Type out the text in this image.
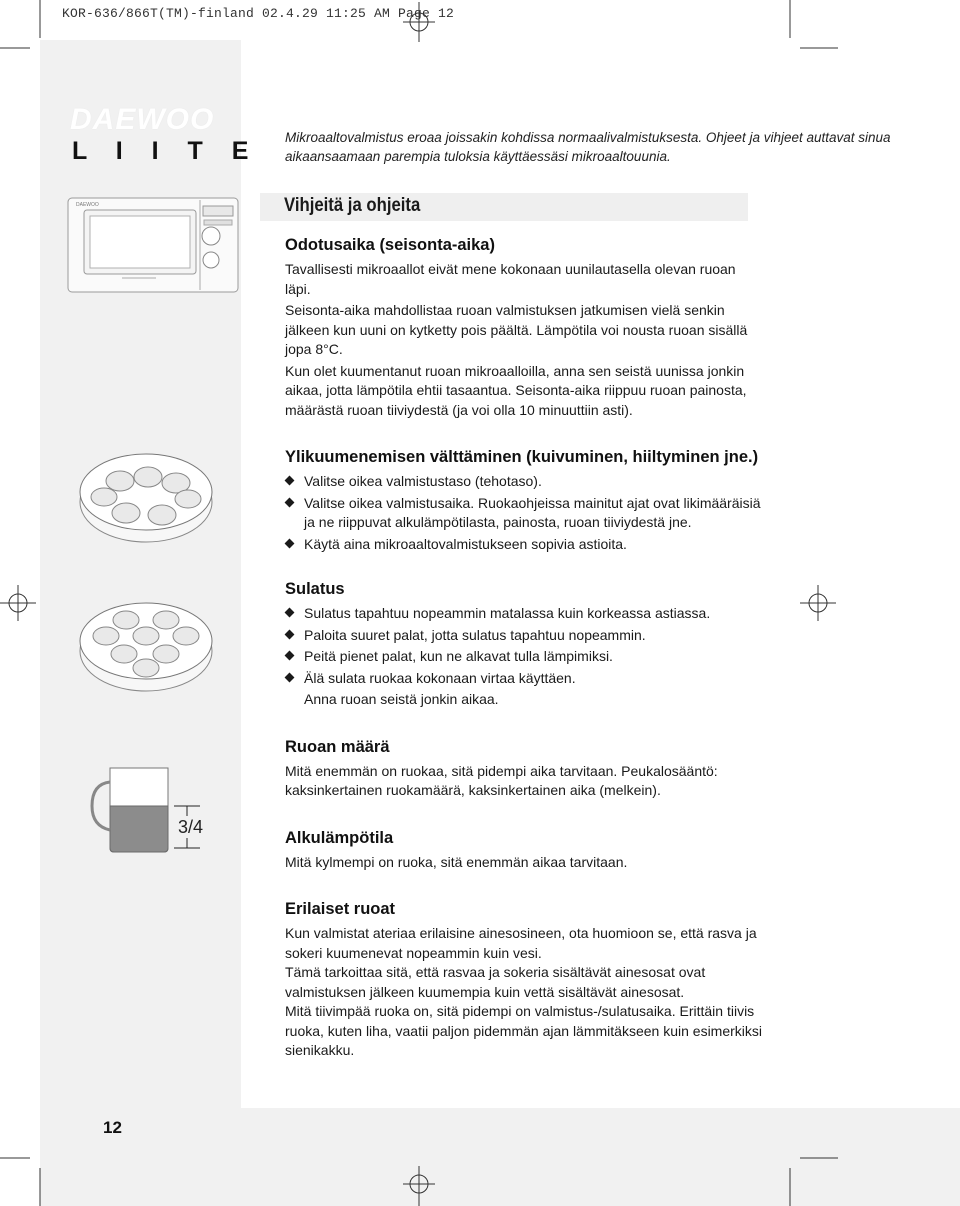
KOR-636/866T(TM)-finland 02.4.29 11:25 AM Page 12
DAEWOO
L I I T E
DAEWOO
3/4
Mikroaaltovalmistus eroaa joissakin kohdissa normaalivalmistuksesta. Ohjeet ja vihjeet auttavat sinua aikaansaamaan parempia tuloksia käyttäessäsi mikroaaltouunia.
Vihjeitä ja ohjeita
Odotusaika (seisonta-aika)

Tavallisesti mikroaallot eivät mene kokonaan uunilautasella olevan ruoan läpi.

Seisonta-aika mahdollistaa ruoan valmistuksen jatkumisen vielä senkin jälkeen kun uuni on kytketty pois päältä. Lämpötila voi nousta ruoan sisällä jopa 8°C.

Kun olet kuumentanut ruoan mikroaalloilla, anna sen seistä uunissa jonkin aikaa, jotta lämpötila ehtii tasaantua. Seisonta-aika riippuu ruoan painosta, määrästä ruoan tiiviydestä (ja voi olla 10 minuuttiin asti).

Ylikuumenemisen välttäminen (kuivuminen, hiiltyminen jne.)
Valitse oikea valmistustaso (tehotaso).
Valitse oikea valmistusaika. Ruokaohjeissa mainitut ajat ovat likimääräisiä ja ne riippuvat alkulämpötilasta, painosta, ruoan tiiviydestä jne.
Käytä aina mikroaaltovalmistukseen sopivia astioita.
Sulatus
Sulatus tapahtuu nopeammin matalassa kuin korkeassa astiassa.
Paloita suuret palat, jotta sulatus tapahtuu nopeammin.
Peitä pienet palat, kun ne alkavat tulla lämpimiksi.
Älä sulata ruokaa kokonaan virtaa käyttäen.
Anna ruoan seistä jonkin aikaa.
Ruoan määrä

Mitä enemmän on ruokaa, sitä pidempi aika tarvitaan. Peukalosääntö: kaksinkertainen ruokamäärä, kaksinkertainen aika (melkein).

Alkulämpötila

Mitä kylmempi on ruoka, sitä enemmän aikaa tarvitaan.

Erilaiset ruoat

Kun valmistat ateriaa erilaisine ainesosineen, ota huomioon se, että rasva ja sokeri kuumenevat nopeammin kuin vesi.

Tämä tarkoittaa sitä, että rasvaa ja sokeria sisältävät ainesosat ovat valmistuksen jälkeen kuumempia kuin vettä sisältävät ainesosat.

Mitä tiivimpää ruoka on, sitä pidempi on valmistus-/sulatusaika. Erittäin tiivis ruoka, kuten liha, vaatii paljon pidemmän ajan lämmitäkseen kuin esimerkiksi sienikakku.

12
